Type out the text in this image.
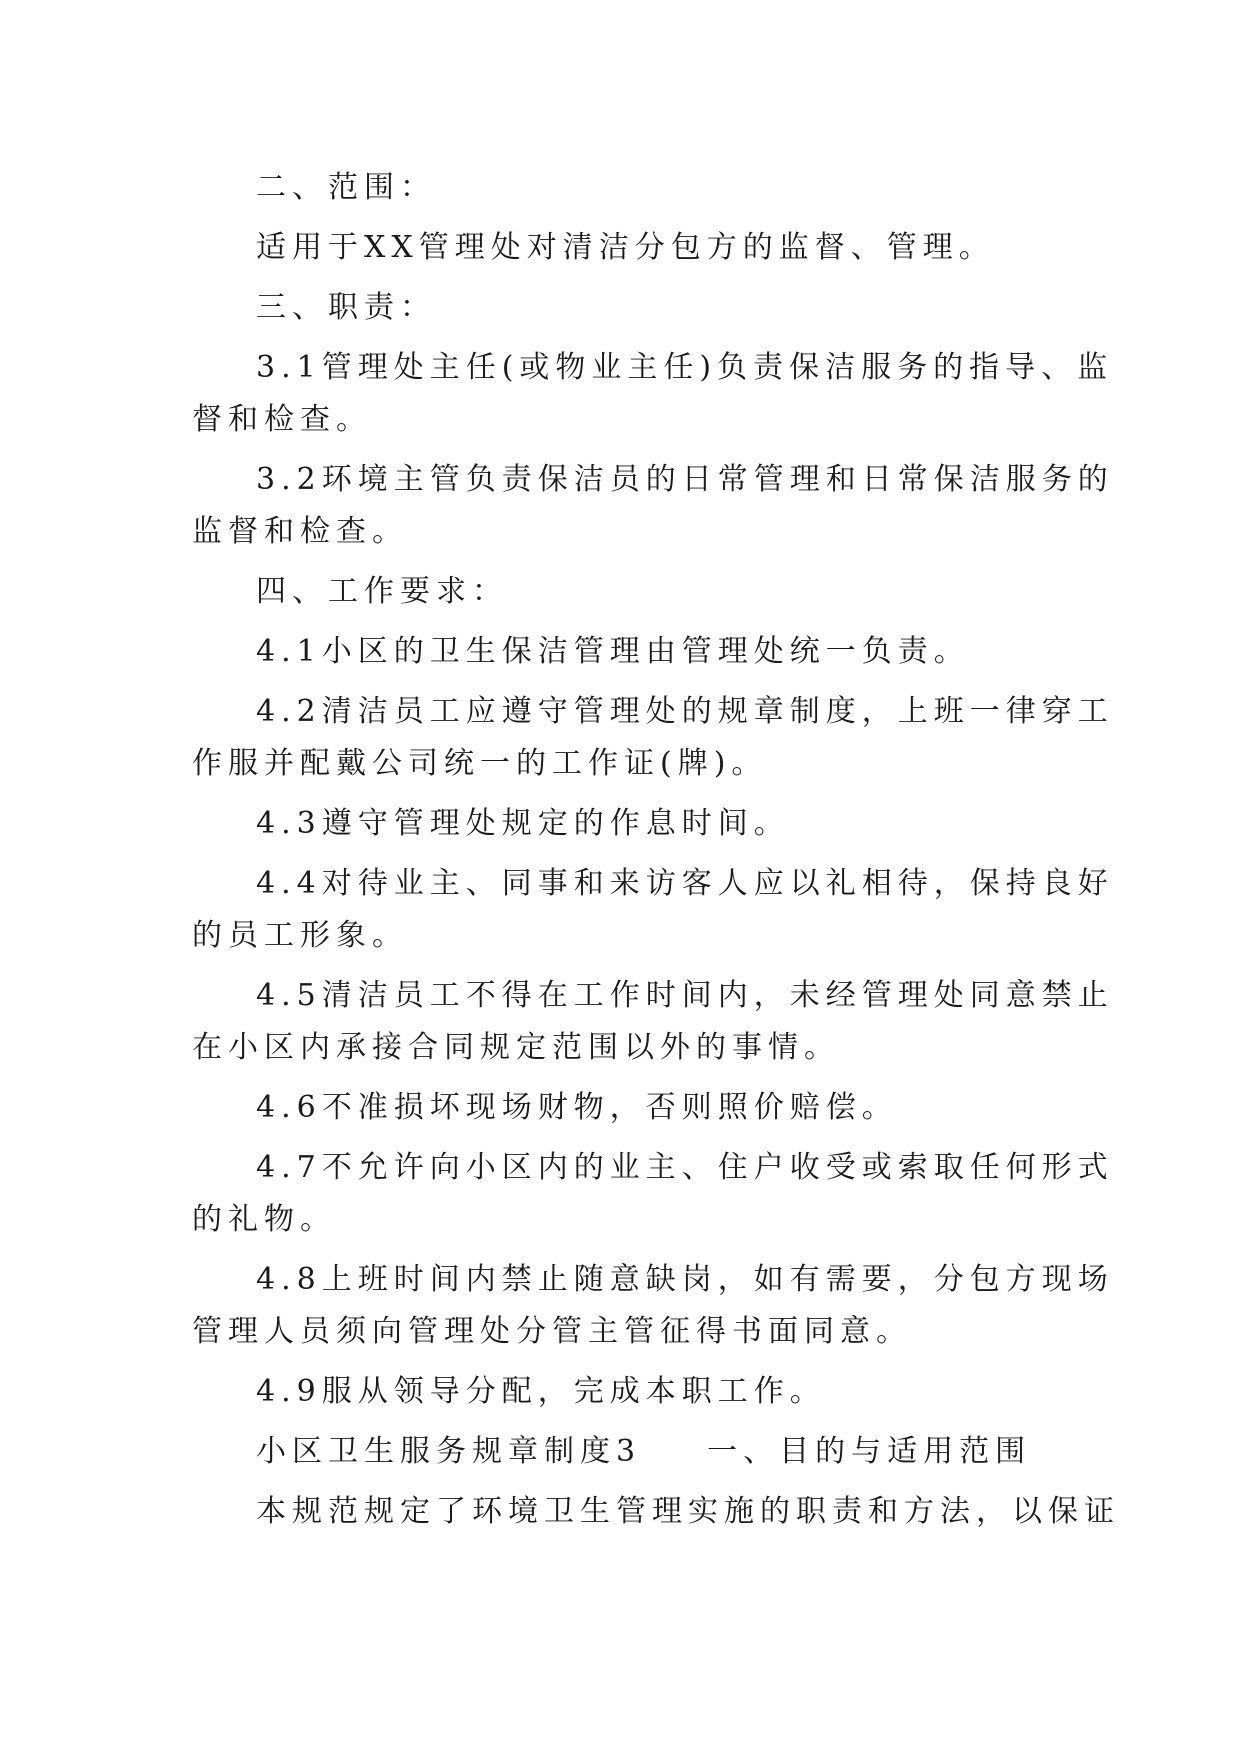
二、范围：

适用于XX管理处对清洁分包方的监督、管理。

三、职责：

3.1管理处主任(或物业主任)负责保洁服务的指导、监

督和检查。

3.2环境主管负责保洁员的日常管理和日常保洁服务的

监督和检查。

四、工作要求：

4.1小区的卫生保洁管理由管理处统一负责。

4.2清洁员工应遵守管理处的规章制度，上班一律穿工

作服并配戴公司统一的工作证(牌)。

4.3遵守管理处规定的作息时间。

4.4对待业主、同事和来访客人应以礼相待，保持良好

的员工形象。

4.5清洁员工不得在工作时间内，未经管理处同意禁止

在小区内承接合同规定范围以外的事情。

4.6不准损坏现场财物，否则照价赔偿。

4.7不允许向小区内的业主、住户收受或索取任何形式

的礼物。

4.8上班时间内禁止随意缺岗，如有需要，分包方现场

管理人员须向管理处分管主管征得书面同意。

4.9服从领导分配，完成本职工作。

小区卫生服务规章制度3 一、目的与适用范围

本规范规定了环境卫生管理实施的职责和方法，以保证
